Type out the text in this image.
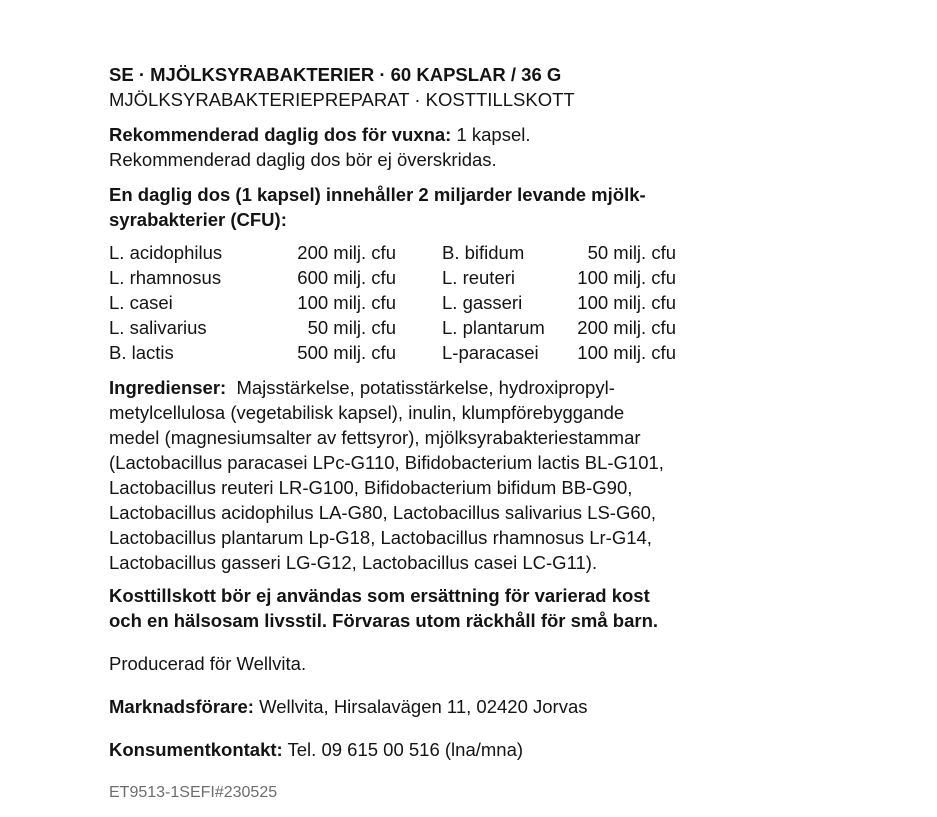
SE · MJÖLKSYRABAKTERIER · 60 KAPSLAR / 36 G
MJÖLKSYRABAKTERIEPREPARAT · KOSTTILLSKOTT
Rekommenderad daglig dos för vuxna: 1 kapsel.
Rekommenderad daglig dos bör ej överskridas.
En daglig dos (1 kapsel) innehåller 2 miljarder levande mjölk-
syrabakterier (CFU):
L. acidophilus	200 milj. cfu	B. bifidum	50 milj. cfu
L. rhamnosus	600 milj. cfu	L. reuteri	100 milj. cfu
L. casei	100 milj. cfu	L. gasseri	100 milj. cfu
L. salivarius	50 milj. cfu	L. plantarum	200 milj. cfu
B. lactis	500 milj. cfu	L-paracasei	100 milj. cfu
Ingredienser: Majsstärkelse, potatisstärkelse, hydroxipropyl-
metylcellulosa (vegetabilisk kapsel), inulin, klumpförebyggande
medel (magnesiumsalter av fettsyror), mjölksyrabakteriestammar
(Lactobacillus paracasei LPc-G110, Bifidobacterium lactis BL-G101,
Lactobacillus reuteri LR-G100, Bifidobacterium bifidum BB-G90,
Lactobacillus acidophilus LA-G80, Lactobacillus salivarius LS-G60,
Lactobacillus plantarum Lp-G18, Lactobacillus rhamnosus Lr-G14,
Lactobacillus gasseri LG-G12, Lactobacillus casei LC-G11).
Kosttillskott bör ej användas som ersättning för varierad kost
och en hälsosam livsstil. Förvaras utom räckhåll för små barn.
Producerad för Wellvita.
Marknadsförare: Wellvita, Hirsalavägen 11, 02420 Jorvas
Konsumentkontakt: Tel. 09 615 00 516 (lna/mna)
ET9513-1SEFI#230525
